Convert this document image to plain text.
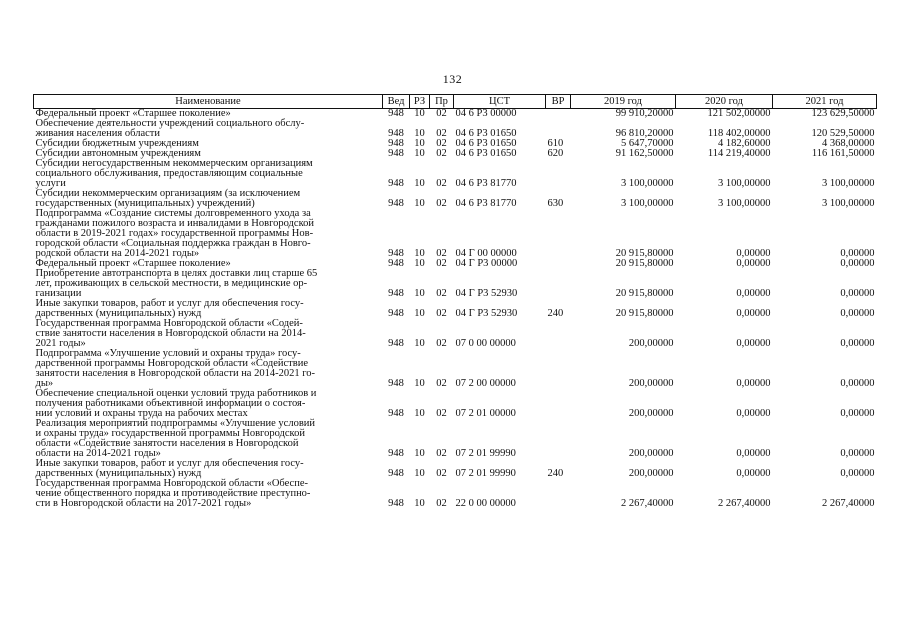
132
Наименование	Вед	РЗ	Пр	ЦСТ	ВР	2019 год	2020 год	2021 год

Федеральный проект «Старшее поколение»	948	10	02	04 6 P3 00000		99 910,20000	121 502,00000	123 629,50000

Обеспечение деятельности учреждений социального обслу-
живания населения области	948	10	02	04 6 P3 01650		96 810,20000	118 402,00000	120 529,50000

Субсидии бюджетным учреждениям	948	10	02	04 6 P3 01650	610	5 647,70000	4 182,60000	4 368,00000

Субсидии автономным учреждениям	948	10	02	04 6 P3 01650	620	91 162,50000	114 219,40000	116 161,50000

Субсидии негосударственным некоммерческим организациям
социального обслуживания, предоставляющим социальные
услуги	948	10	02	04 6 P3 81770		3 100,00000	3 100,00000	3 100,00000

Субсидии некоммерческим организациям (за исключением
государственных (муниципальных) учреждений)	948	10	02	04 6 P3 81770	630	3 100,00000	3 100,00000	3 100,00000

Подпрограмма «Создание системы долговременного ухода за
гражданами пожилого возраста и инвалидами в Новгородской
области в 2019-2021 годах» государственной программы Нов-
городской области «Социальная поддержка граждан в Новго-
родской области на 2014-2021 годы»	948	10	02	04 Г 00 00000		20 915,80000	0,00000	0,00000

Федеральный проект «Старшее поколение»	948	10	02	04 Г P3 00000		20 915,80000	0,00000	0,00000

Приобретение автотранспорта в целях доставки лиц старше 65
лет, проживающих в сельской местности, в медицинские ор-
ганизации	948	10	02	04 Г P3 52930		20 915,80000	0,00000	0,00000

Иные закупки товаров, работ и услуг для обеспечения госу-
дарственных (муниципальных) нужд	948	10	02	04 Г P3 52930	240	20 915,80000	0,00000	0,00000

Государственная программа Новгородской области «Содей-
ствие занятости населения в Новгородской области на 2014-
2021 годы»	948	10	02	07 0 00 00000		200,00000	0,00000	0,00000

Подпрограмма «Улучшение условий и охраны труда» госу-
дарственной программы Новгородской области «Содействие
занятости населения в Новгородской области на 2014-2021 го-
ды»	948	10	02	07 2 00 00000		200,00000	0,00000	0,00000

Обеспечение специальной оценки условий труда работников и
получения работниками объективной информации о состоя-
нии условий и охраны труда на рабочих местах	948	10	02	07 2 01 00000		200,00000	0,00000	0,00000

Реализация мероприятий подпрограммы «Улучшение условий
и охраны труда» государственной программы Новгородской
области «Содействие занятости населения в Новгородской
области на 2014-2021 годы»	948	10	02	07 2 01 99990		200,00000	0,00000	0,00000

Иные закупки товаров, работ и услуг для обеспечения госу-
дарственных (муниципальных) нужд	948	10	02	07 2 01 99990	240	200,00000	0,00000	0,00000

Государственная программа Новгородской области «Обеспе-
чение общественного порядка и противодействие преступно-
сти в Новгородской области на 2017-2021 годы»	948	10	02	22 0 00 00000		2 267,40000	2 267,40000	2 267,40000
